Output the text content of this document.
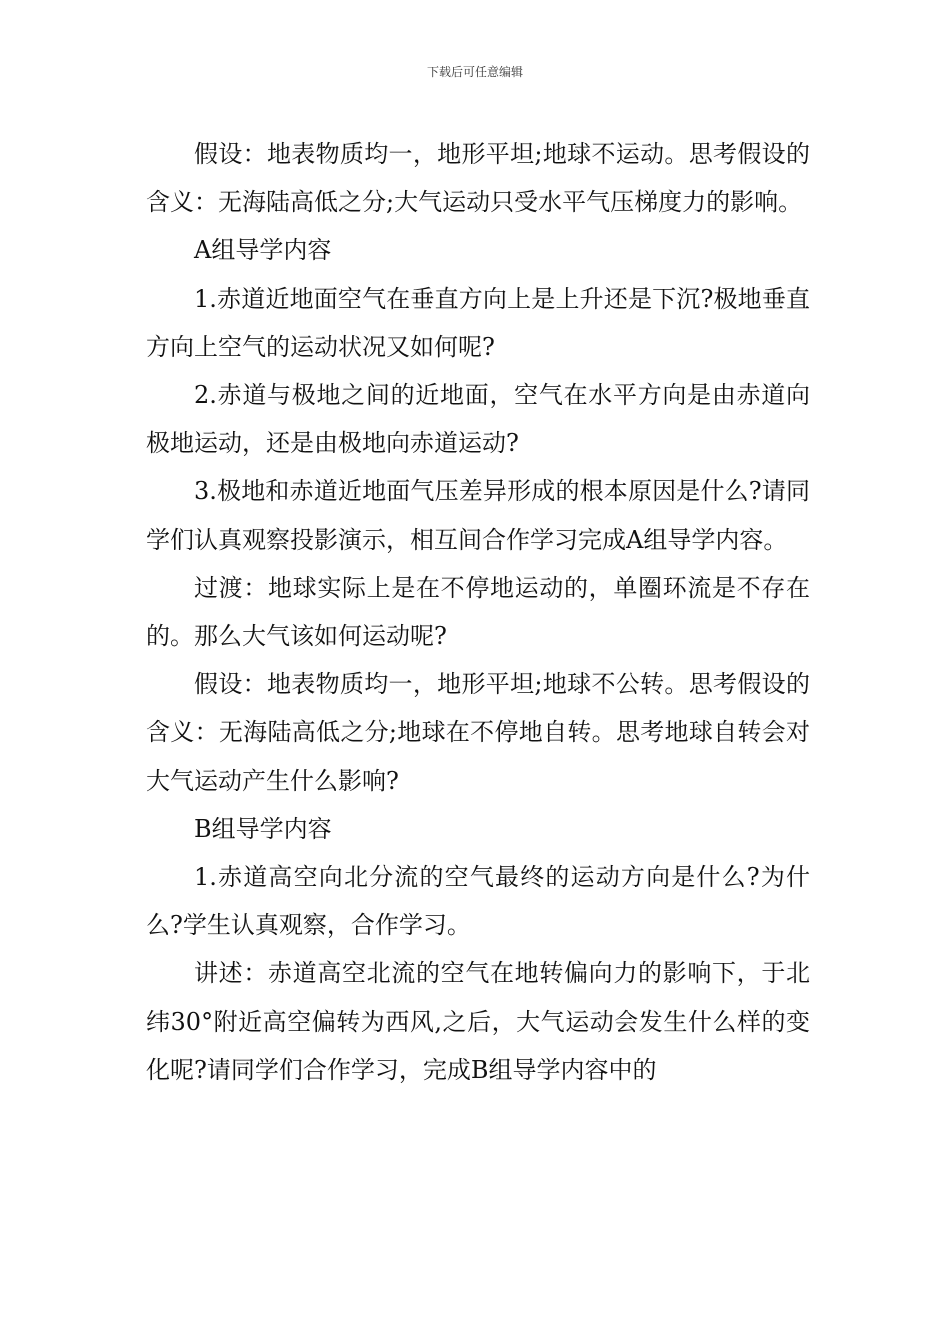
下载后可任意编辑

假设：地表物质均一，地形平坦;地球不运动。思考假设的含义：无海陆高低之分;大气运动只受水平气压梯度力的影响。

A组导学内容

1.赤道近地面空气在垂直方向上是上升还是下沉?极地垂直方向上空气的运动状况又如何呢?

2.赤道与极地之间的近地面，空气在水平方向是由赤道向极地运动，还是由极地向赤道运动?

3.极地和赤道近地面气压差异形成的根本原因是什么?请同学们认真观察投影演示，相互间合作学习完成A组导学内容。

过渡：地球实际上是在不停地运动的，单圈环流是不存在的。那么大气该如何运动呢?

假设：地表物质均一，地形平坦;地球不公转。思考假设的含义：无海陆高低之分;地球在不停地自转。思考地球自转会对大气运动产生什么影响?

B组导学内容

1.赤道高空向北分流的空气最终的运动方向是什么?为什么?学生认真观察，合作学习。

讲述：赤道高空北流的空气在地转偏向力的影响下，于北纬30°附近高空偏转为西风,之后，大气运动会发生什么样的变化呢?请同学们合作学习，完成B组导学内容中的
